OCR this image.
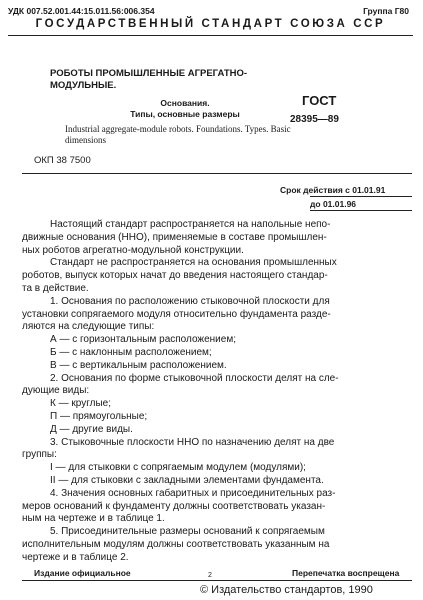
УДК 007.52.001.44:15.011.56:006.354	Группа Г80
ГОСУДАРСТВЕННЫЙ СТАНДАРТ СОЮЗА ССР
РОБОТЫ ПРОМЫШЛЕННЫЕ АГРЕГАТНО-МОДУЛЬНЫЕ.
Основания.
Типы, основные размеры
Industrial aggregate-module robots. Foundations. Types. Basic dimensions
ГОСТ
28395—89
ОКП 38 7500
Срок действия с 01.01.91
до 01.01.96
Настоящий стандарт распространяется на напольные непо-
движные основания (ННО), применяемые в составе промышлен-
ных роботов агрегатно-модульной конструкции.
Стандарт не распространяется на основания промышленных
роботов, выпуск которых начат до введения настоящего стандар-
та в действие.
1. Основания по расположению стыковочной плоскости для
установки сопрягаемого модуля относительно фундамента разде-
ляются на следующие типы:
А — с горизонтальным расположением;
Б — с наклонным расположением;
В — с вертикальным расположением.
2. Основания по форме стыковочной плоскости делят на сле-
дующие виды:
К — круглые;
П — прямоугольные;
Д — другие виды.
3. Стыковочные плоскости ННО по назначению делят на две
группы:
I — для стыковки с сопрягаемым модулем (модулями);
II — для стыковки с закладными элементами фундамента.
4. Значения основных габаритных и присоединительных раз-
меров оснований к фундаменту должны соответствовать указан-
ным на чертеже и в таблице 1.
5. Присоединительные размеры оснований к сопрягаемым
исполнительным модулям должны соответствовать указанным на
чертеже и в таблице 2.
Издание официальное	2	Перепечатка воспрещена
© Издательство стандартов, 1990
